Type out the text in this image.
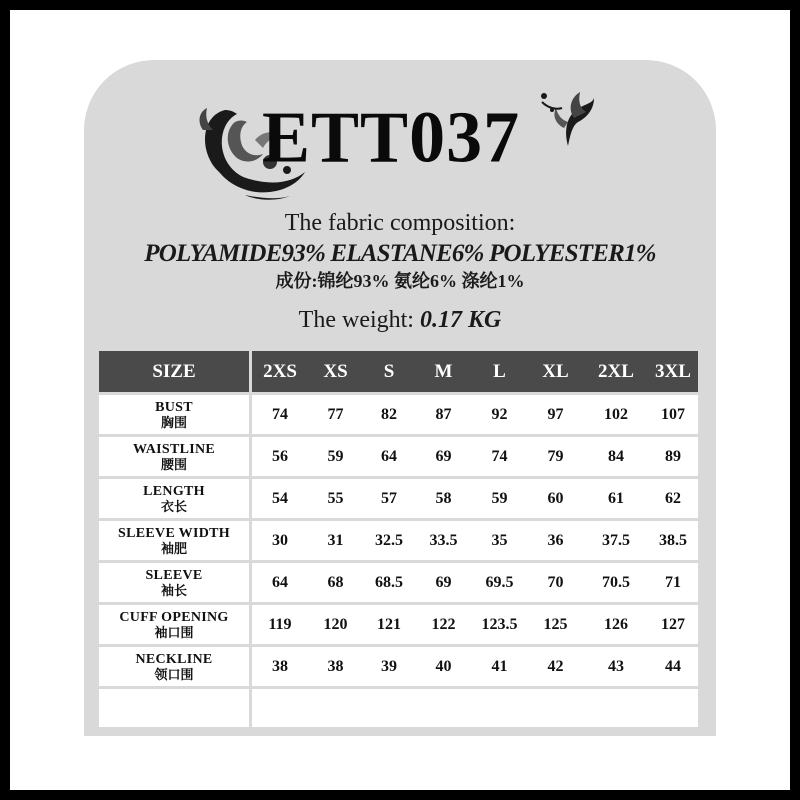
ETT037
The fabric composition:
POLYAMIDE93% ELASTANE6% POLYESTER1%
成份:锦纶93% 氨纶6% 涤纶1%
The weight: 0.17 KG
SIZE	2XS	XS	S	M	L	XL	2XL	3XL

BUST
胸围	74	77	82	87	92	97	102	107

WAISTLINE
腰围	56	59	64	69	74	79	84	89

LENGTH
衣长	54	55	57	58	59	60	61	62

SLEEVE WIDTH
袖肥	30	31	32.5	33.5	35	36	37.5	38.5

SLEEVE
袖长	64	68	68.5	69	69.5	70	70.5	71

CUFF OPENING
袖口围	119	120	121	122	123.5	125	126	127

NECKLINE
领口围	38	38	39	40	41	42	43	44
